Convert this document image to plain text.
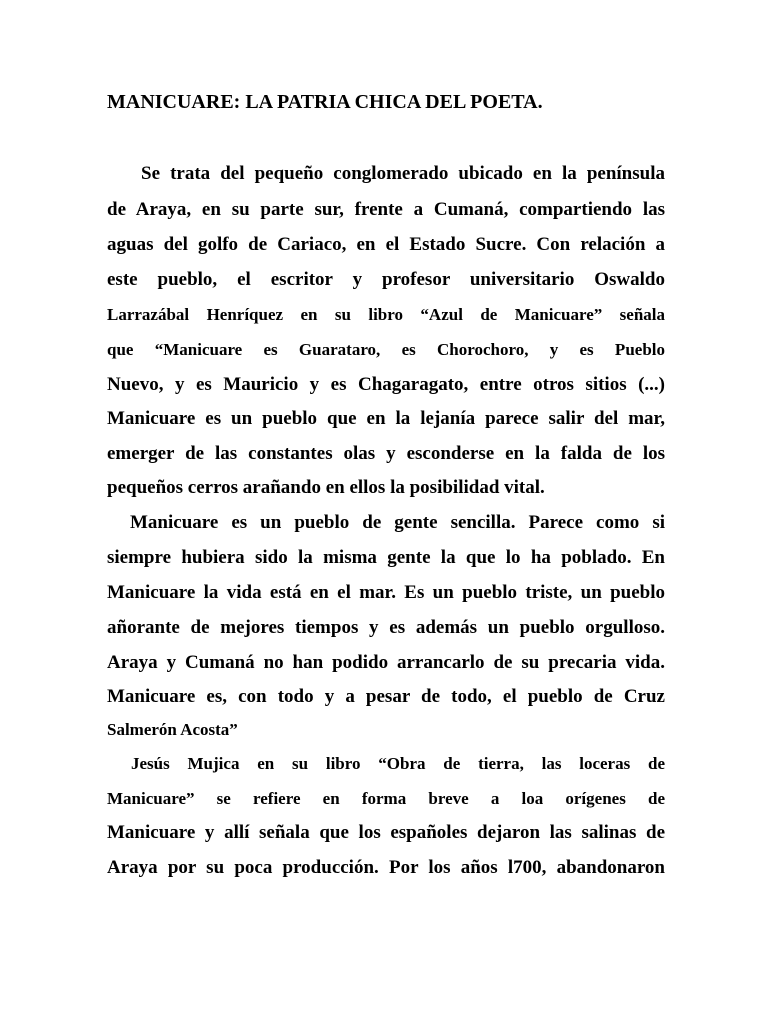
MANICUARE: LA PATRIA CHICA DEL POETA.

Se trata del pequeño conglomerado ubicado en la península

de Araya, en su parte sur, frente a Cumaná, compartiendo las

aguas del golfo de Cariaco, en el Estado Sucre. Con relación a

este pueblo, el escritor y profesor universitario Oswaldo

Larrazábal Henríquez en su libro “Azul de Manicuare” señala

que “Manicuare es Guarataro, es Chorochoro, y es Pueblo

Nuevo, y es Mauricio y es Chagaragato, entre otros sitios (...)

Manicuare es un pueblo que en la lejanía parece salir del mar,

emerger de las constantes olas y esconderse en la falda de los

pequeños cerros arañando en ellos la posibilidad vital.

Manicuare es un pueblo de gente sencilla. Parece como si

siempre hubiera sido la misma gente la que lo ha poblado. En

Manicuare la vida está en el mar. Es un pueblo triste, un pueblo

añorante de mejores tiempos y es además un pueblo orgulloso.

Araya y Cumaná no han podido arrancarlo de su precaria vida.

Manicuare es, con todo y a pesar de todo, el pueblo de Cruz

Salmerón Acosta”

Jesús Mujica en su libro “Obra de tierra, las loceras de

Manicuare” se refiere en forma breve a loa orígenes de

Manicuare y allí señala que los españoles dejaron las salinas de

Araya por su poca producción. Por los años l700, abandonaron
